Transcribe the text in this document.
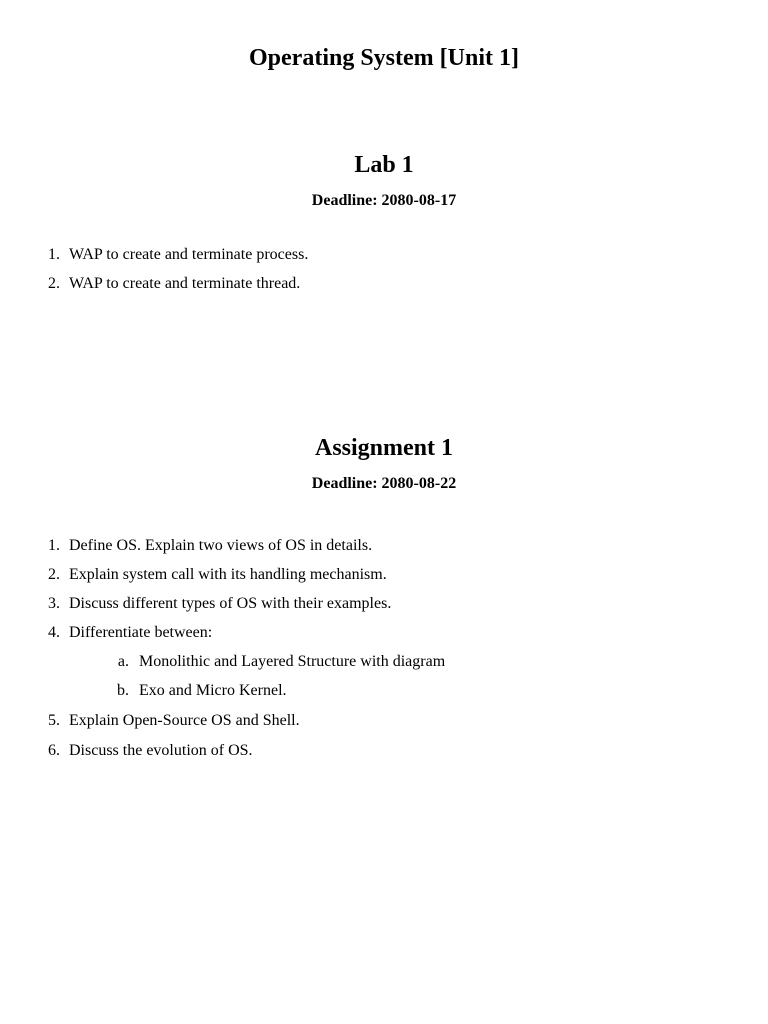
Operating System [Unit 1]
Lab 1
Deadline: 2080-08-17
1. WAP to create and terminate process.
2. WAP to create and terminate thread.
Assignment 1
Deadline: 2080-08-22
1. Define OS. Explain two views of OS in details.
2. Explain system call with its handling mechanism.
3. Discuss different types of OS with their examples.
4. Differentiate between:
a. Monolithic and Layered Structure with diagram
b. Exo and Micro Kernel.
5. Explain Open-Source OS and Shell.
6. Discuss the evolution of OS.
